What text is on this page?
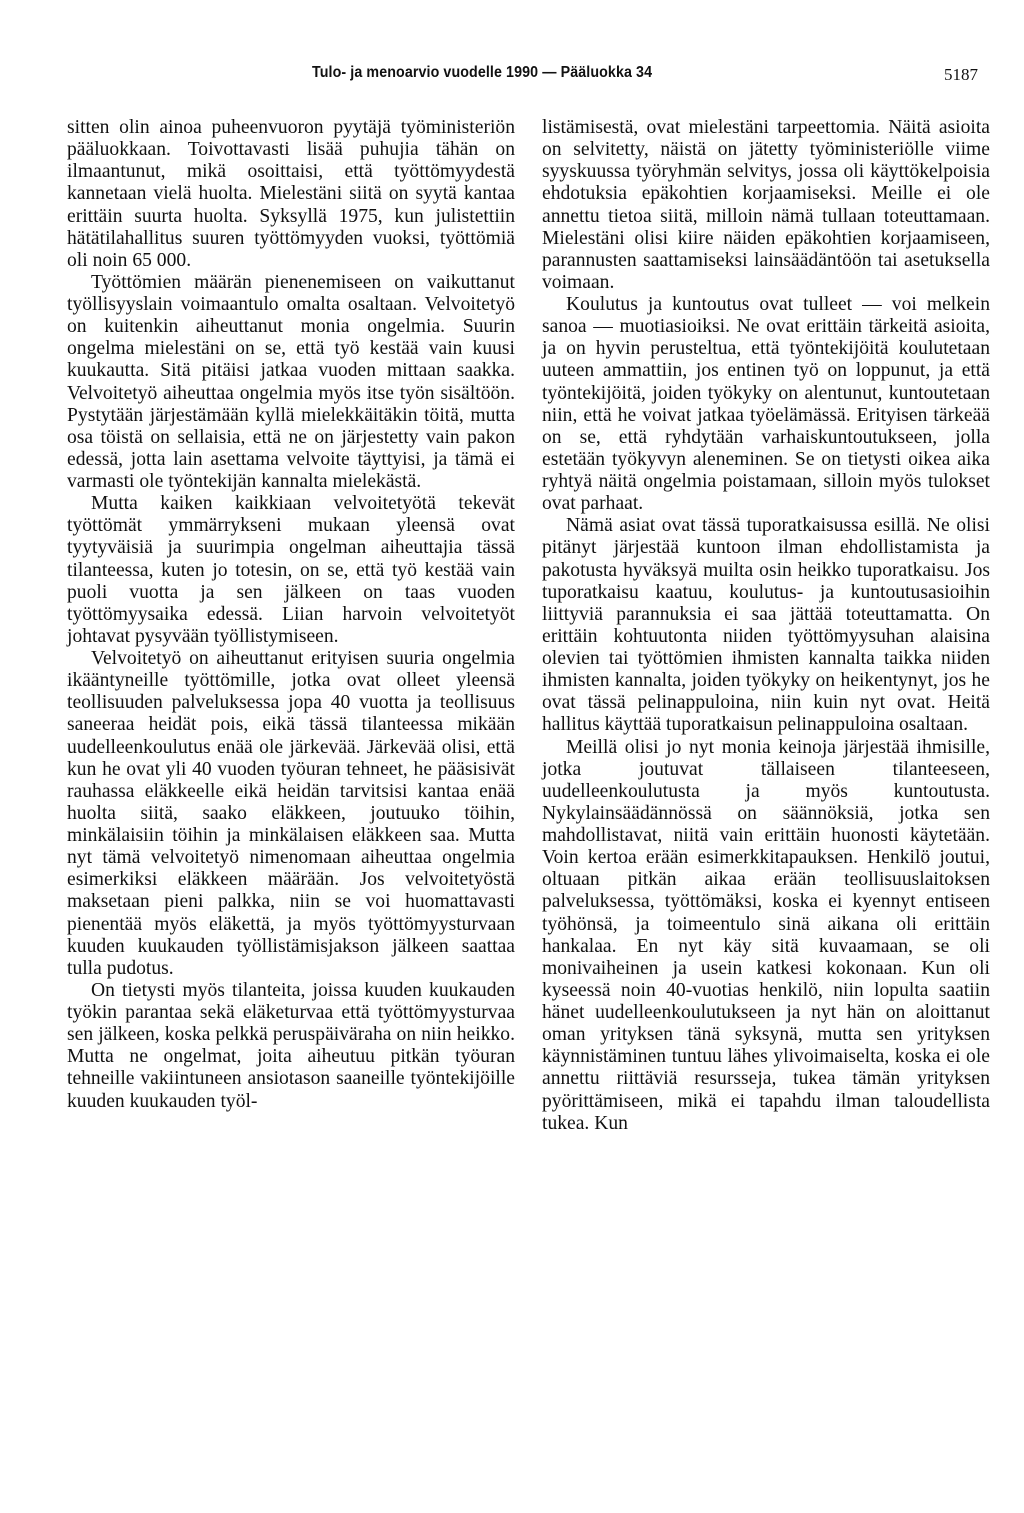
Tulo- ja menoarvio vuodelle 1990 — Pääluokka 34	5187

sitten olin ainoa puheenvuoron pyytäjä työministeriön pääluokkaan. Toivottavasti lisää puhujia tähän on ilmaantunut, mikä osoittaisi, että työttömyydestä kannetaan vielä huolta. Mielestäni siitä on syytä kantaa erittäin suurta huolta. Syksyllä 1975, kun julistettiin hätätilahallitus suuren työttömyyden vuoksi, työttömiä oli noin 65 000.

Työttömien määrän pienenemiseen on vaikuttanut työllisyyslain voimaantulo omalta osaltaan. Velvoitetyö on kuitenkin aiheuttanut monia ongelmia. Suurin ongelma mielestäni on se, että työ kestää vain kuusi kuukautta. Sitä pitäisi jatkaa vuoden mittaan saakka. Velvoitetyö aiheuttaa ongelmia myös itse työn sisältöön. Pystytään järjestämään kyllä mielekkäitäkin töitä, mutta osa töistä on sellaisia, että ne on järjestetty vain pakon edessä, jotta lain asettama velvoite täyttyisi, ja tämä ei varmasti ole työntekijän kannalta mielekästä.

Mutta kaiken kaikkiaan velvoitetyötä tekevät työttömät ymmärrykseni mukaan yleensä ovat tyytyväisiä ja suurimpia ongelman aiheuttajia tässä tilanteessa, kuten jo totesin, on se, että työ kestää vain puoli vuotta ja sen jälkeen on taas vuoden työttömyysaika edessä. Liian harvoin velvoitetyöt johtavat pysyvään työllistymiseen.

Velvoitetyö on aiheuttanut erityisen suuria ongelmia ikääntyneille työttömille, jotka ovat olleet yleensä teollisuuden palveluksessa jopa 40 vuotta ja teollisuus saneeraa heidät pois, eikä tässä tilanteessa mikään uudelleenkoulutus enää ole järkevää. Järkevää olisi, että kun he ovat yli 40 vuoden työuran tehneet, he pääsisivät rauhassa eläkkeelle eikä heidän tarvitsisi kantaa enää huolta siitä, saako eläkkeen, joutuuko töihin, minkälaisiin töihin ja minkälaisen eläkkeen saa. Mutta nyt tämä velvoitetyö nimenomaan aiheuttaa ongelmia esimerkiksi eläkkeen määrään. Jos velvoitetyöstä maksetaan pieni palkka, niin se voi huomattavasti pienentää myös eläkettä, ja myös työttömyysturvaan kuuden kuukauden työllistämisjakson jälkeen saattaa tulla pudotus.

On tietysti myös tilanteita, joissa kuuden kuukauden työkin parantaa sekä eläketurvaa että työttömyysturvaa sen jälkeen, koska pelkkä peruspäiväraha on niin heikko. Mutta ne ongelmat, joita aiheutuu pitkän työuran tehneille vakiintuneen ansiotason saaneille työntekijöille kuuden kuukauden työl-

listämisestä, ovat mielestäni tarpeettomia. Näitä asioita on selvitetty, näistä on jätetty työministeriölle viime syyskuussa työryhmän selvitys, jossa oli käyttökelpoisia ehdotuksia epäkohtien korjaamiseksi. Meille ei ole annettu tietoa siitä, milloin nämä tullaan toteuttamaan. Mielestäni olisi kiire näiden epäkohtien korjaamiseen, parannusten saattamiseksi lainsäädäntöön tai asetuksella voimaan.

Koulutus ja kuntoutus ovat tulleet — voi melkein sanoa — muotiasioiksi. Ne ovat erittäin tärkeitä asioita, ja on hyvin perusteltua, että työntekijöitä koulutetaan uuteen ammattiin, jos entinen työ on loppunut, ja että työntekijöitä, joiden työkyky on alentunut, kuntoutetaan niin, että he voivat jatkaa työelämässä. Erityisen tärkeää on se, että ryhdytään varhaiskuntoutukseen, jolla estetään työkyvyn aleneminen. Se on tietysti oikea aika ryhtyä näitä ongelmia poistamaan, silloin myös tulokset ovat parhaat.

Nämä asiat ovat tässä tuporatkaisussa esillä. Ne olisi pitänyt järjestää kuntoon ilman ehdollistamista ja pakotusta hyväksyä muilta osin heikko tuporatkaisu. Jos tuporatkaisu kaatuu, koulutus- ja kuntoutusasioihin liittyviä parannuksia ei saa jättää toteuttamatta. On erittäin kohtuutonta niiden työttömyysuhan alaisina olevien tai työttömien ihmisten kannalta taikka niiden ihmisten kannalta, joiden työkyky on heikentynyt, jos he ovat tässä pelinappuloina, niin kuin nyt ovat. Heitä hallitus käyttää tuporatkaisun pelinappuloina osaltaan.

Meillä olisi jo nyt monia keinoja järjestää ihmisille, jotka joutuvat tällaiseen tilanteeseen, uudelleenkoulutusta ja myös kuntoutusta. Nykylainsäädännössä on säännöksiä, jotka sen mahdollistavat, niitä vain erittäin huonosti käytetään. Voin kertoa erään esimerkkitapauksen. Henkilö joutui, oltuaan pitkän aikaa erään teollisuuslaitoksen palveluksessa, työttömäksi, koska ei kyennyt entiseen työhönsä, ja toimeentulo sinä aikana oli erittäin hankalaa. En nyt käy sitä kuvaamaan, se oli monivaiheinen ja usein katkesi kokonaan. Kun oli kyseessä noin 40-vuotias henkilö, niin lopulta saatiin hänet uudelleenkoulutukseen ja nyt hän on aloittanut oman yrityksen tänä syksynä, mutta sen yrityksen käynnistäminen tuntuu lähes ylivoimaiselta, koska ei ole annettu riittäviä resursseja, tukea tämän yrityksen pyörittämiseen, mikä ei tapahdu ilman taloudellista tukea. Kun
